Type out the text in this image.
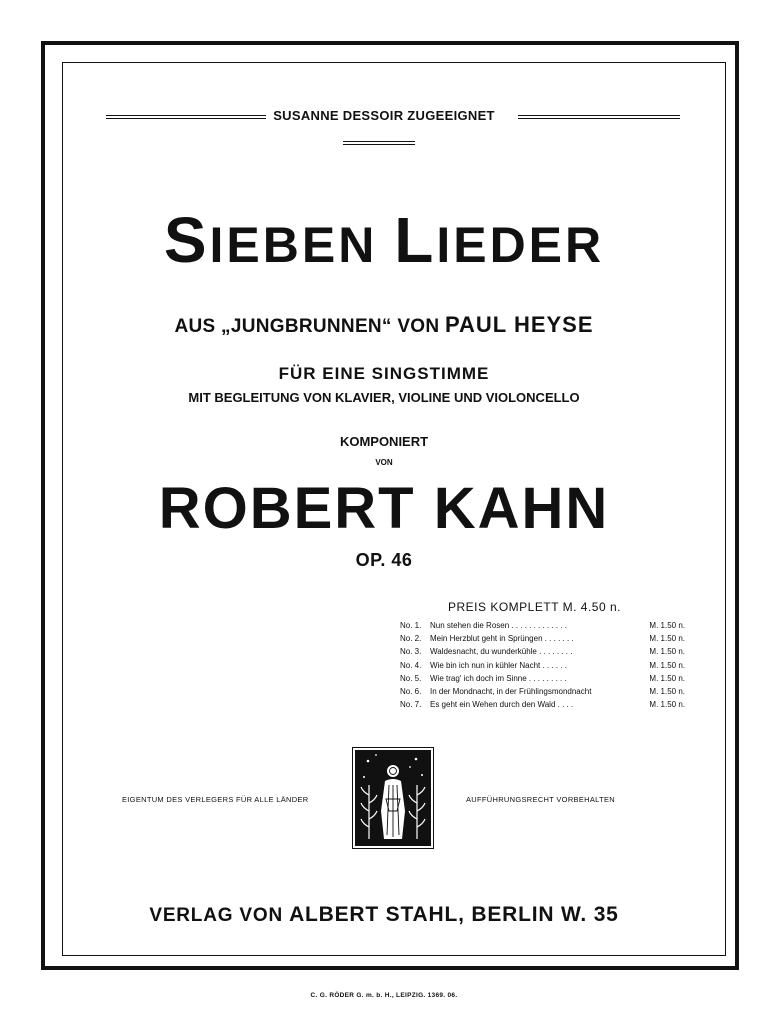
SUSANNE DESSOIR ZUGEEIGNET
SIEBEN LIEDER
AUS „JUNGBRUNNEN“ VON PAUL HEYSE
FÜR EINE SINGSTIMME
MIT BEGLEITUNG VON KLAVIER, VIOLINE UND VIOLONCELLO
KOMPONIERT
VON
ROBERT KAHN
OP. 46
PREIS KOMPLETT M. 4.50 n.
No. 1.	Nun stehen die Rosen . . . . . . . . . . . . .	M. 1.50 n.
No. 2.	Mein Herzblut geht in Sprüngen . . . . . . .	M. 1.50 n.
No. 3.	Waldesnacht, du wunderkühle . . . . . . . .	M. 1.50 n.
No. 4.	Wie bin ich nun in kühler Nacht . . . . . .	M. 1.50 n.
No. 5.	Wie trag' ich doch im Sinne . . . . . . . . .	M. 1.50 n.
No. 6.	In der Mondnacht, in der Frühlingsmondnacht	M. 1.50 n.
No. 7.	Es geht ein Wehen durch den Wald . . . .	M. 1.50 n.
EIGENTUM DES VERLEGERS FÜR ALLE LÄNDER	AUFFÜHRUNGSRECHT VORBEHALTEN
VERLAG VON ALBERT STAHL, BERLIN W. 35
C. G. RÖDER G. m. b. H., LEIPZIG. 1369. 06.
